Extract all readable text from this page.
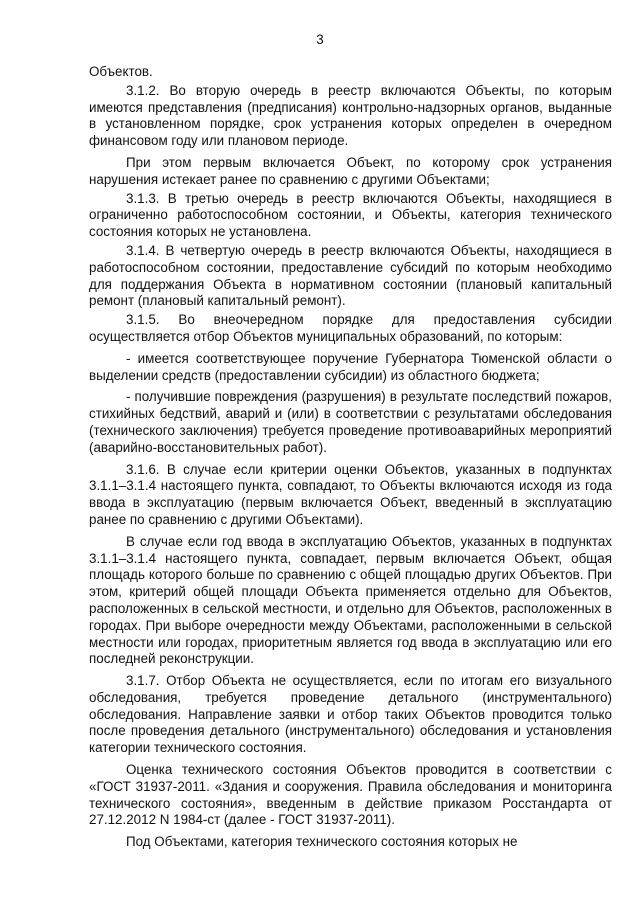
3

Объектов.

3.1.2. Во вторую очередь в реестр включаются Объекты, по которым имеются представления (предписания) контрольно-надзорных органов, выданные в установленном порядке, срок устранения которых определен в очередном финансовом году или плановом периоде.

При этом первым включается Объект, по которому срок устранения нарушения истекает ранее по сравнению с другими Объектами;

3.1.3. В третью очередь в реестр включаются Объекты, находящиеся в ограниченно работоспособном состоянии, и Объекты, категория технического состояния которых не установлена.

3.1.4. В четвертую очередь в реестр включаются Объекты, находящиеся в работоспособном состоянии, предоставление субсидий по которым необходимо для поддержания Объекта в нормативном состоянии (плановый капитальный ремонт (плановый капитальный ремонт).

3.1.5. Во внеочередном порядке для предоставления субсидии осуществляется отбор Объектов муниципальных образований, по которым:

- имеется соответствующее поручение Губернатора Тюменской области о выделении средств (предоставлении субсидии) из областного бюджета;

- получившие повреждения (разрушения) в результате последствий пожаров, стихийных бедствий, аварий и (или) в соответствии с результатами обследования (технического заключения) требуется проведение противоаварийных мероприятий (аварийно-восстановительных работ).

3.1.6. В случае если критерии оценки Объектов, указанных в подпунктах 3.1.1–3.1.4 настоящего пункта, совпадают, то Объекты включаются исходя из года ввода в эксплуатацию (первым включается Объект, введенный в эксплуатацию ранее по сравнению с другими Объектами).

В случае если год ввода в эксплуатацию Объектов, указанных в подпунктах 3.1.1–3.1.4 настоящего пункта, совпадает, первым включается Объект, общая площадь которого больше по сравнению с общей площадью других Объектов. При этом, критерий общей площади Объекта применяется отдельно для Объектов, расположенных в сельской местности, и отдельно для Объектов, расположенных в городах. При выборе очередности между Объектами, расположенными в сельской местности или городах, приоритетным является год ввода в эксплуатацию или его последней реконструкции.

3.1.7. Отбор Объекта не осуществляется, если по итогам его визуального обследования, требуется проведение детального (инструментального) обследования. Направление заявки и отбор таких Объектов проводится только после проведения детального (инструментального) обследования и установления категории технического состояния.

Оценка технического состояния Объектов проводится в соответствии с «ГОСТ 31937-2011. «Здания и сооружения. Правила обследования и мониторинга технического состояния», введенным в действие приказом Росстандарта от 27.12.2012 N 1984-ст (далее - ГОСТ 31937-2011).

Под Объектами, категория технического состояния которых не
